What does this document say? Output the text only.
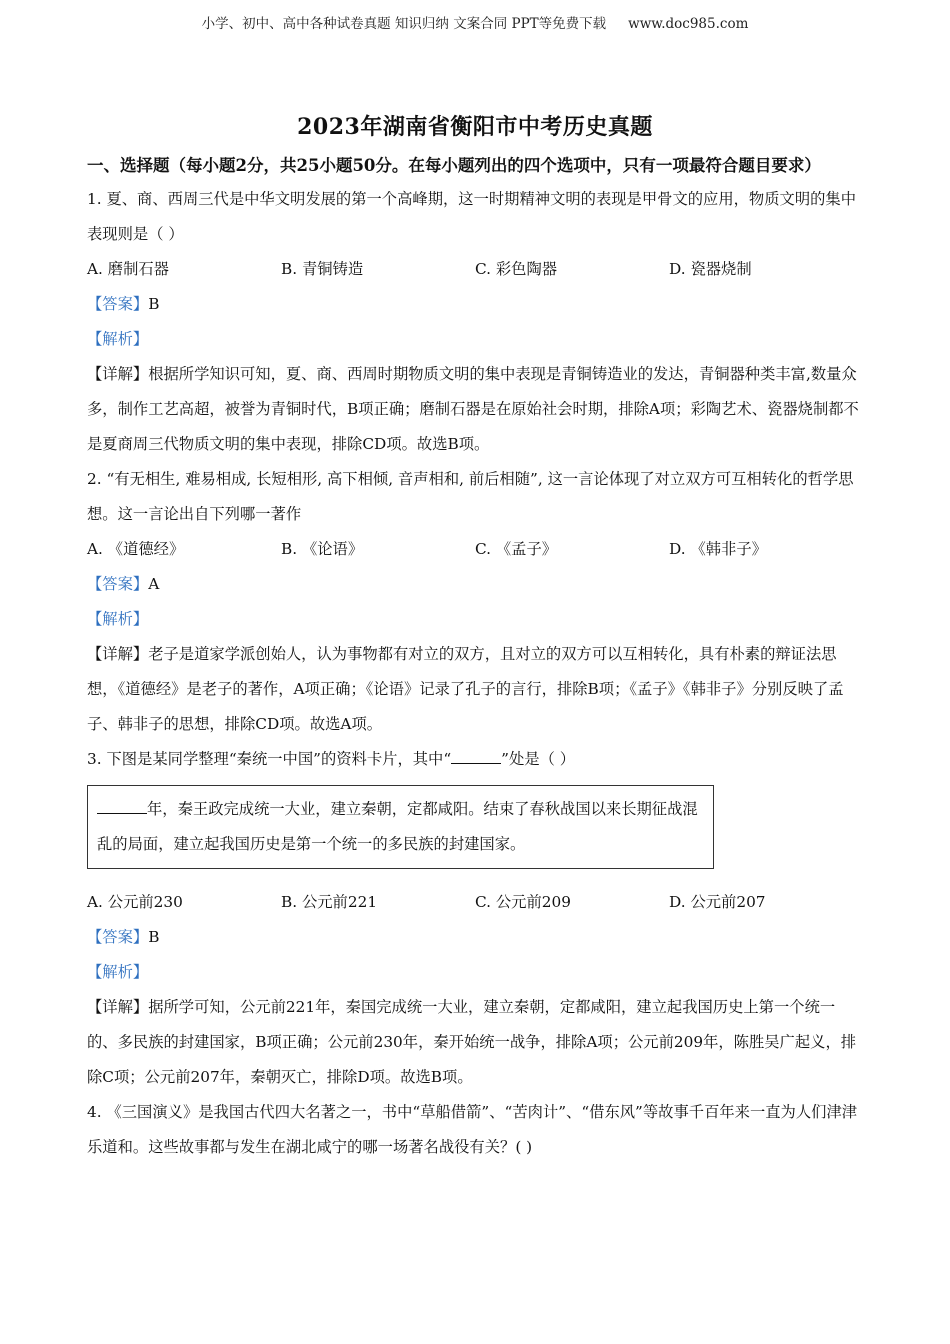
小学、初中、高中各种试卷真题 知识归纳 文案合同 PPT等免费下载 www.doc985.com
2023年湖南省衡阳市中考历史真题
一、选择题（每小题2分，共25小题50分。在每小题列出的四个选项中，只有一项最符合题目要求）

1. 夏、商、西周三代是中华文明发展的第一个高峰期，这一时期精神文明的表现是甲骨文的应用，物质文明的集中表现则是（ ）

A. 磨制石器	B. 青铜铸造	C. 彩色陶器	D. 瓷器烧制

【答案】B

【解析】

【详解】根据所学知识可知，夏、商、西周时期物质文明的集中表现是青铜铸造业的发达，青铜器种类丰富,数量众多，制作工艺高超，被誉为青铜时代，B项正确；磨制石器是在原始社会时期，排除A项；彩陶艺术、瓷器烧制都不是夏商周三代物质文明的集中表现，排除CD项。故选B项。

2. “有无相生, 难易相成, 长短相形, 高下相倾, 音声相和, 前后相随”, 这一言论体现了对立双方可互相转化的哲学思想。这一言论出自下列哪一著作

A. 《道德经》	B. 《论语》	C. 《孟子》	D. 《韩非子》

【答案】A

【解析】

【详解】老子是道家学派创始人，认为事物都有对立的双方，且对立的双方可以互相转化，具有朴素的辩证法思想，《道德经》是老子的著作，A项正确；《论语》记录了孔子的言行，排除B项；《孟子》《韩非子》分别反映了孟子、韩非子的思想，排除CD项。故选A项。

3. 下图是某同学整理“秦统一中国”的资料卡片，其中“	”处是（ ）

年，秦王政完成统一大业，建立秦朝，定都咸阳。结束了春秋战国以来长期征战混乱的局面，建立起我国历史是第一个统一的多民族的封建国家。
A. 公元前230	B. 公元前221	C. 公元前209	D. 公元前207

【答案】B

【解析】

【详解】据所学可知，公元前221年，秦国完成统一大业，建立秦朝，定都咸阳，建立起我国历史上第一个统一的、多民族的封建国家，B项正确；公元前230年，秦开始统一战争，排除A项；公元前209年，陈胜吴广起义，排除C项；公元前207年，秦朝灭亡，排除D项。故选B项。

4. 《三国演义》是我国古代四大名著之一，书中“草船借箭”、“苦肉计”、“借东风”等故事千百年来一直为人们津津乐道和。这些故事都与发生在湖北咸宁的哪一场著名战役有关？( )
